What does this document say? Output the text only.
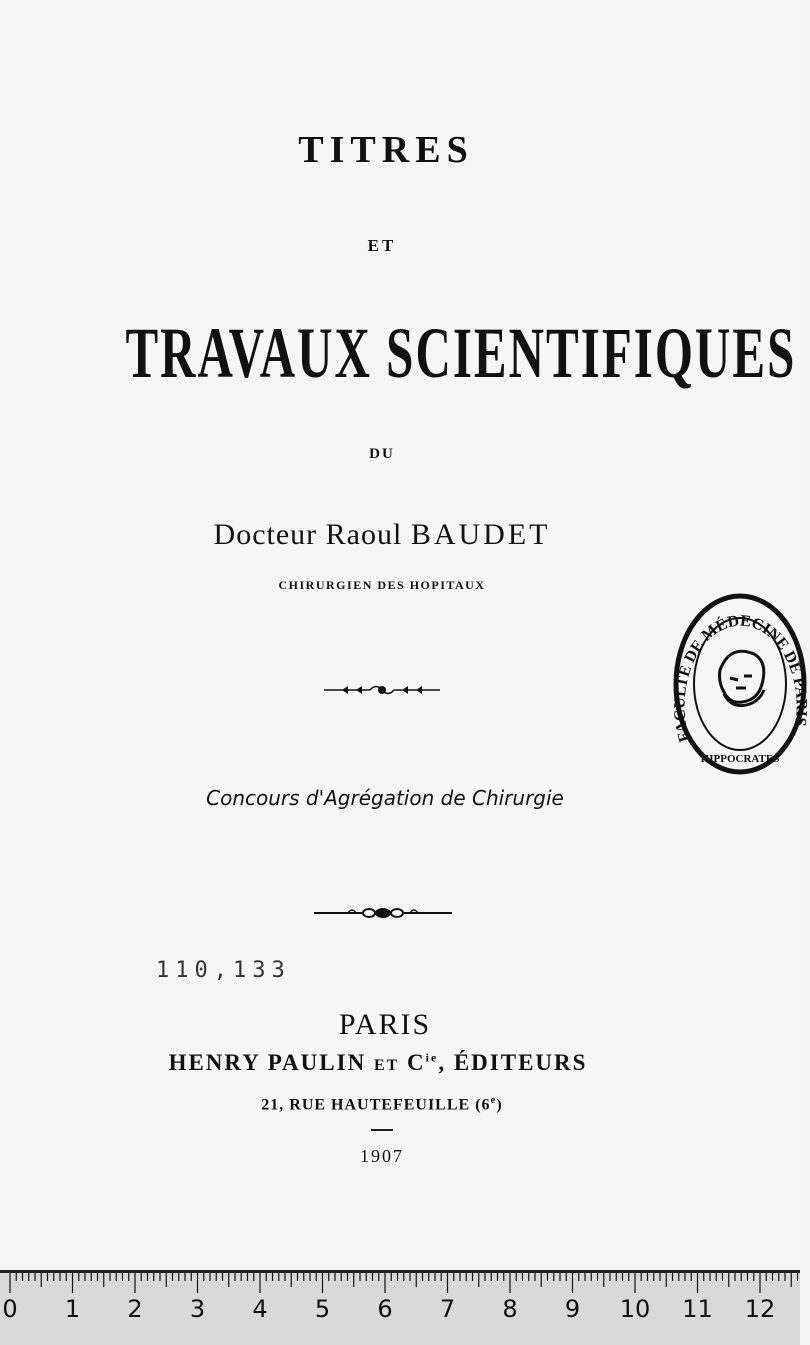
TITRES
ET
TRAVAUX SCIENTIFIQUES
DU
Docteur Raoul BAUDET
CHIRURGIEN DES HOPITAUX
Concours d'Agrégation de Chirurgie
110,133
PARIS
HENRY PAULIN ET $C^{ie}$, ÉDITEURS
21, RUE HAUTEFEUILLE (6e)
1907
FACULTÉ DE MÉDECINE DE PARIS
HIPPOCRATES
0 1 2 3 4 5 6 7 8 9 10 11 12
